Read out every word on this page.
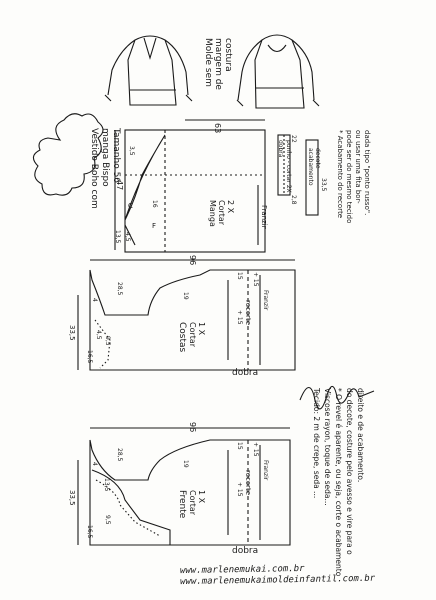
Molde sem margem de costura
Vestido Boho com manga Bispo Tamanho 56
Manga Cortar 2 X
63
47
3,5
16
13,5 4,5
F
C	Franzir
dobra punho - cortar 2X
22
2,8
acabamento decote
33,5 * Acabamento do recorte pode ser do mesmo tecido ou usar uma fita bor- dada tipo "ponto russo".
Costas Cortar 1 X
96
33,5
28,5
4
19
15
4,5
16,5
9,5
recorte Franzir
+ 15
+ 15
dobra
Frente Cortar 1 X
96
33,5
28,5
4	19
15
13,5
16,5
9,5
recorte Franzir
+ 15
+ 15
dobra
Tecido: 2 m de crepe, seda ... Viscose rayon, toque de seda... * O revel é aparente, ou seja, corte o acabamento do decote, costure pelo avesso e vire para o direito e de acabamento.
www.marlenemukai.com.br
www.marlenemukaimoldeinfantil.com.br
